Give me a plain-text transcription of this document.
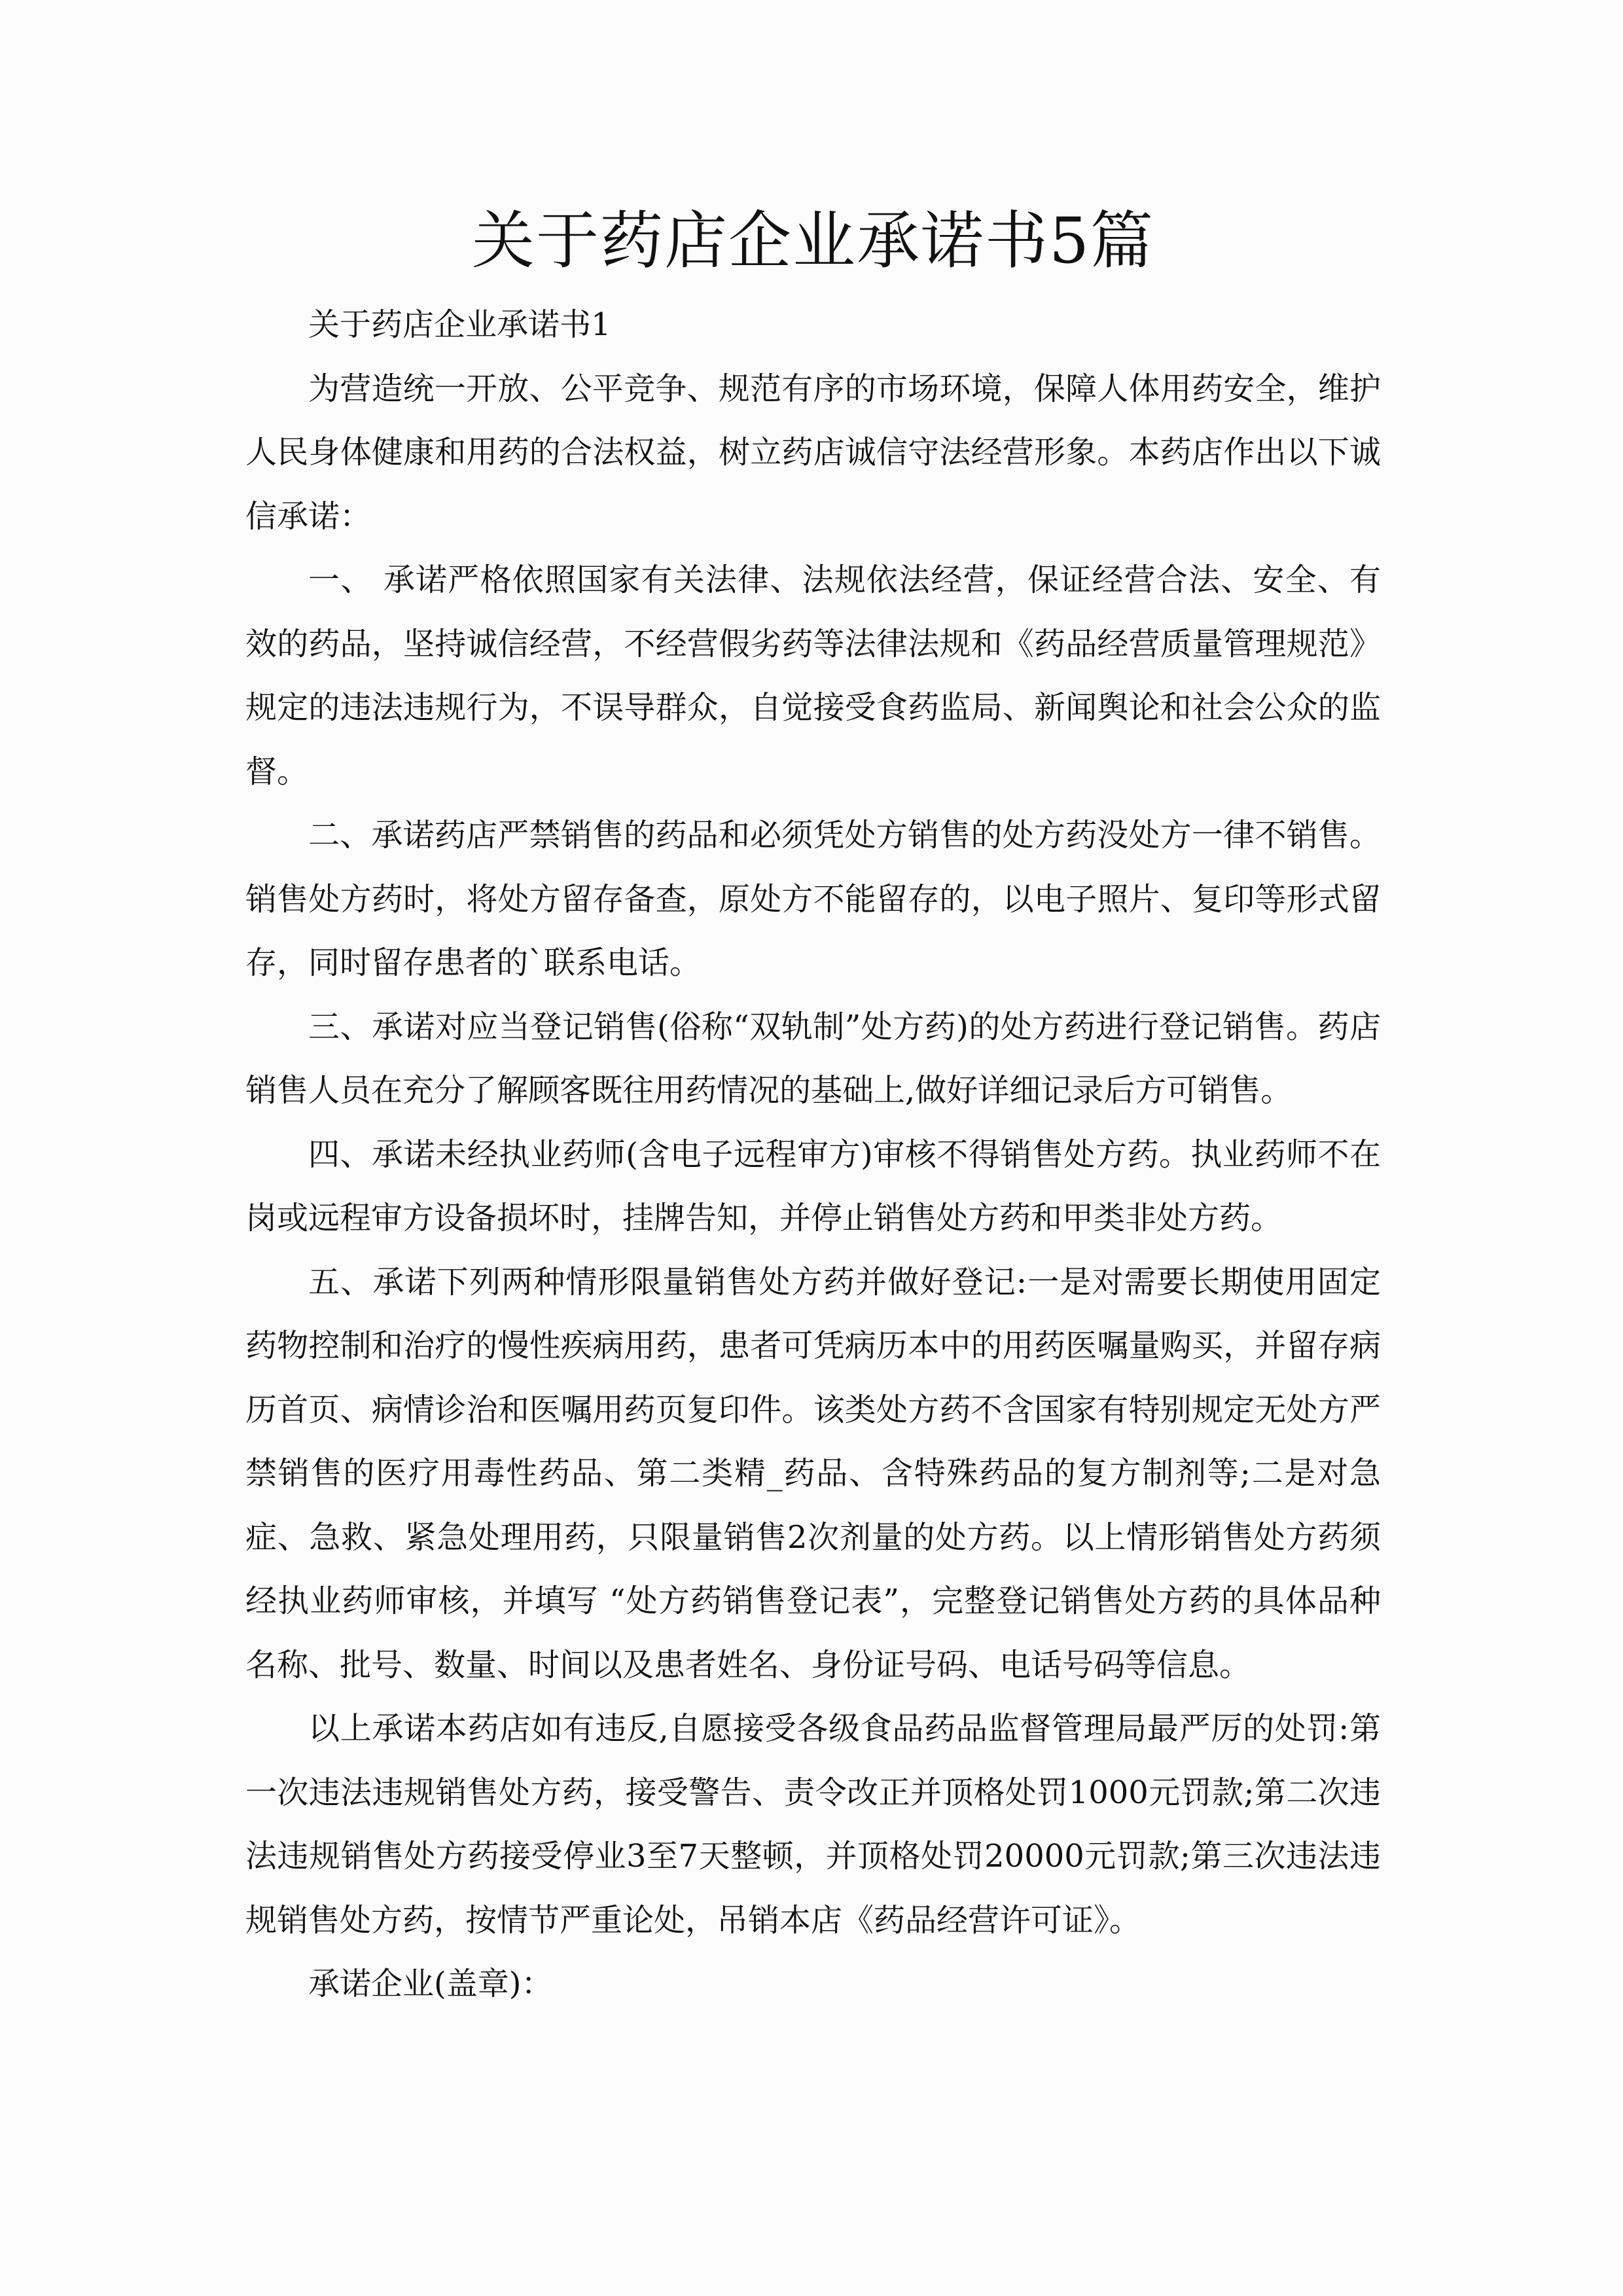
关于药店企业承诺书5篇

关于药店企业承诺书1

为营造统一开放、公平竞争、规范有序的市场环境，保障人体用药安全，维护人民身体健康和用药的合法权益，树立药店诚信守法经营形象。本药店作出以下诚信承诺：

一、 承诺严格依照国家有关法律、法规依法经营，保证经营合法、安全、有效的药品，坚持诚信经营，不经营假劣药等法律法规和《药品经营质量管理规范》规定的违法违规行为，不误导群众，自觉接受食药监局、新闻舆论和社会公众的监督。

二、承诺药店严禁销售的药品和必须凭处方销售的处方药没处方一律不销售。销售处方药时，将处方留存备查，原处方不能留存的，以电子照片、复印等形式留存，同时留存患者的`联系电话。

三、承诺对应当登记销售(俗称“双轨制”处方药)的处方药进行登记销售。药店销售人员在充分了解顾客既往用药情况的基础上,做好详细记录后方可销售。

四、承诺未经执业药师(含电子远程审方)审核不得销售处方药。执业药师不在岗或远程审方设备损坏时，挂牌告知，并停止销售处方药和甲类非处方药。

五、承诺下列两种情形限量销售处方药并做好登记:一是对需要长期使用固定药物控制和治疗的慢性疾病用药，患者可凭病历本中的用药医嘱量购买，并留存病历首页、病情诊治和医嘱用药页复印件。该类处方药不含国家有特别规定无处方严禁销售的医疗用毒性药品、第二类精_药品、含特殊药品的复方制剂等;二是对急症、急救、紧急处理用药，只限量销售2次剂量的处方药。以上情形销售处方药须经执业药师审核，并填写 “处方药销售登记表”，完整登记销售处方药的具体品种名称、批号、数量、时间以及患者姓名、身份证号码、电话号码等信息。

以上承诺本药店如有违反,自愿接受各级食品药品监督管理局最严厉的处罚:第一次违法违规销售处方药，接受警告、责令改正并顶格处罚1000元罚款;第二次违法违规销售处方药接受停业3至7天整顿，并顶格处罚20000元罚款;第三次违法违规销售处方药，按情节严重论处，吊销本店《药品经营许可证》。

承诺企业(盖章)：
